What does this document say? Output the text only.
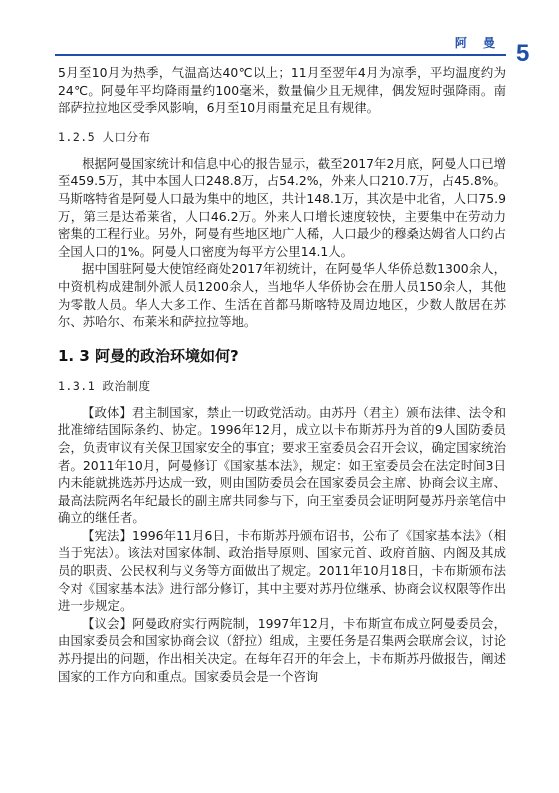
阿 曼 5

5月至10月为热季，气温高达40℃以上；11月至翌年4月为凉季，平均温度约为24℃。阿曼年平均降雨量约100毫米，数量偏少且无规律，偶发短时强降雨。南部萨拉拉地区受季风影响，6月至10月雨量充足且有规律。

1.2.5 人口分布

根据阿曼国家统计和信息中心的报告显示，截至2017年2月底，阿曼人口已增至459.5万，其中本国人口248.8万，占54.2%，外来人口210.7万，占45.8%。马斯喀特省是阿曼人口最为集中的地区，共计148.1万，其次是中北省，人口75.9万，第三是达希莱省，人口46.2万。外来人口增长速度较快，主要集中在劳动力密集的工程行业。另外，阿曼有些地区地广人稀，人口最少的穆桑达姆省人口约占全国人口的1%。阿曼人口密度为每平方公里14.1人。

据中国驻阿曼大使馆经商处2017年初统计，在阿曼华人华侨总数1300余人，中资机构成建制外派人员1200余人，当地华人华侨协会在册人员150余人，其他为零散人员。华人大多工作、生活在首都马斯喀特及周边地区，少数人散居在苏尔、苏哈尔、布莱米和萨拉拉等地。

1. 3 阿曼的政治环境如何?
1.3.1 政治制度

【政体】君主制国家，禁止一切政党活动。由苏丹（君主）颁布法律、法令和批准缔结国际条约、协定。1996年12月，成立以卡布斯苏丹为首的9人国防委员会，负责审议有关保卫国家安全的事宜；要求王室委员会召开会议，确定国家统治者。2011年10月，阿曼修订《国家基本法》，规定：如王室委员会在法定时间3日内未能就挑选苏丹达成一致，则由国防委员会在国家委员会主席、协商会议主席、最高法院两名年纪最长的副主席共同参与下，向王室委员会证明阿曼苏丹亲笔信中确立的继任者。

【宪法】1996年11月6日，卡布斯苏丹颁布诏书，公布了《国家基本法》（相当于宪法）。该法对国家体制、政治指导原则、国家元首、政府首脑、内阁及其成员的职责、公民权利与义务等方面做出了规定。2011年10月18日，卡布斯颁布法令对《国家基本法》进行部分修订，其中主要对苏丹位继承、协商会议权限等作出进一步规定。

【议会】阿曼政府实行两院制，1997年12月，卡布斯宣布成立阿曼委员会，由国家委员会和国家协商会议（舒拉）组成，主要任务是召集两会联席会议，讨论苏丹提出的问题，作出相关决定。在每年召开的年会上，卡布斯苏丹做报告，阐述国家的工作方向和重点。国家委员会是一个咨询
